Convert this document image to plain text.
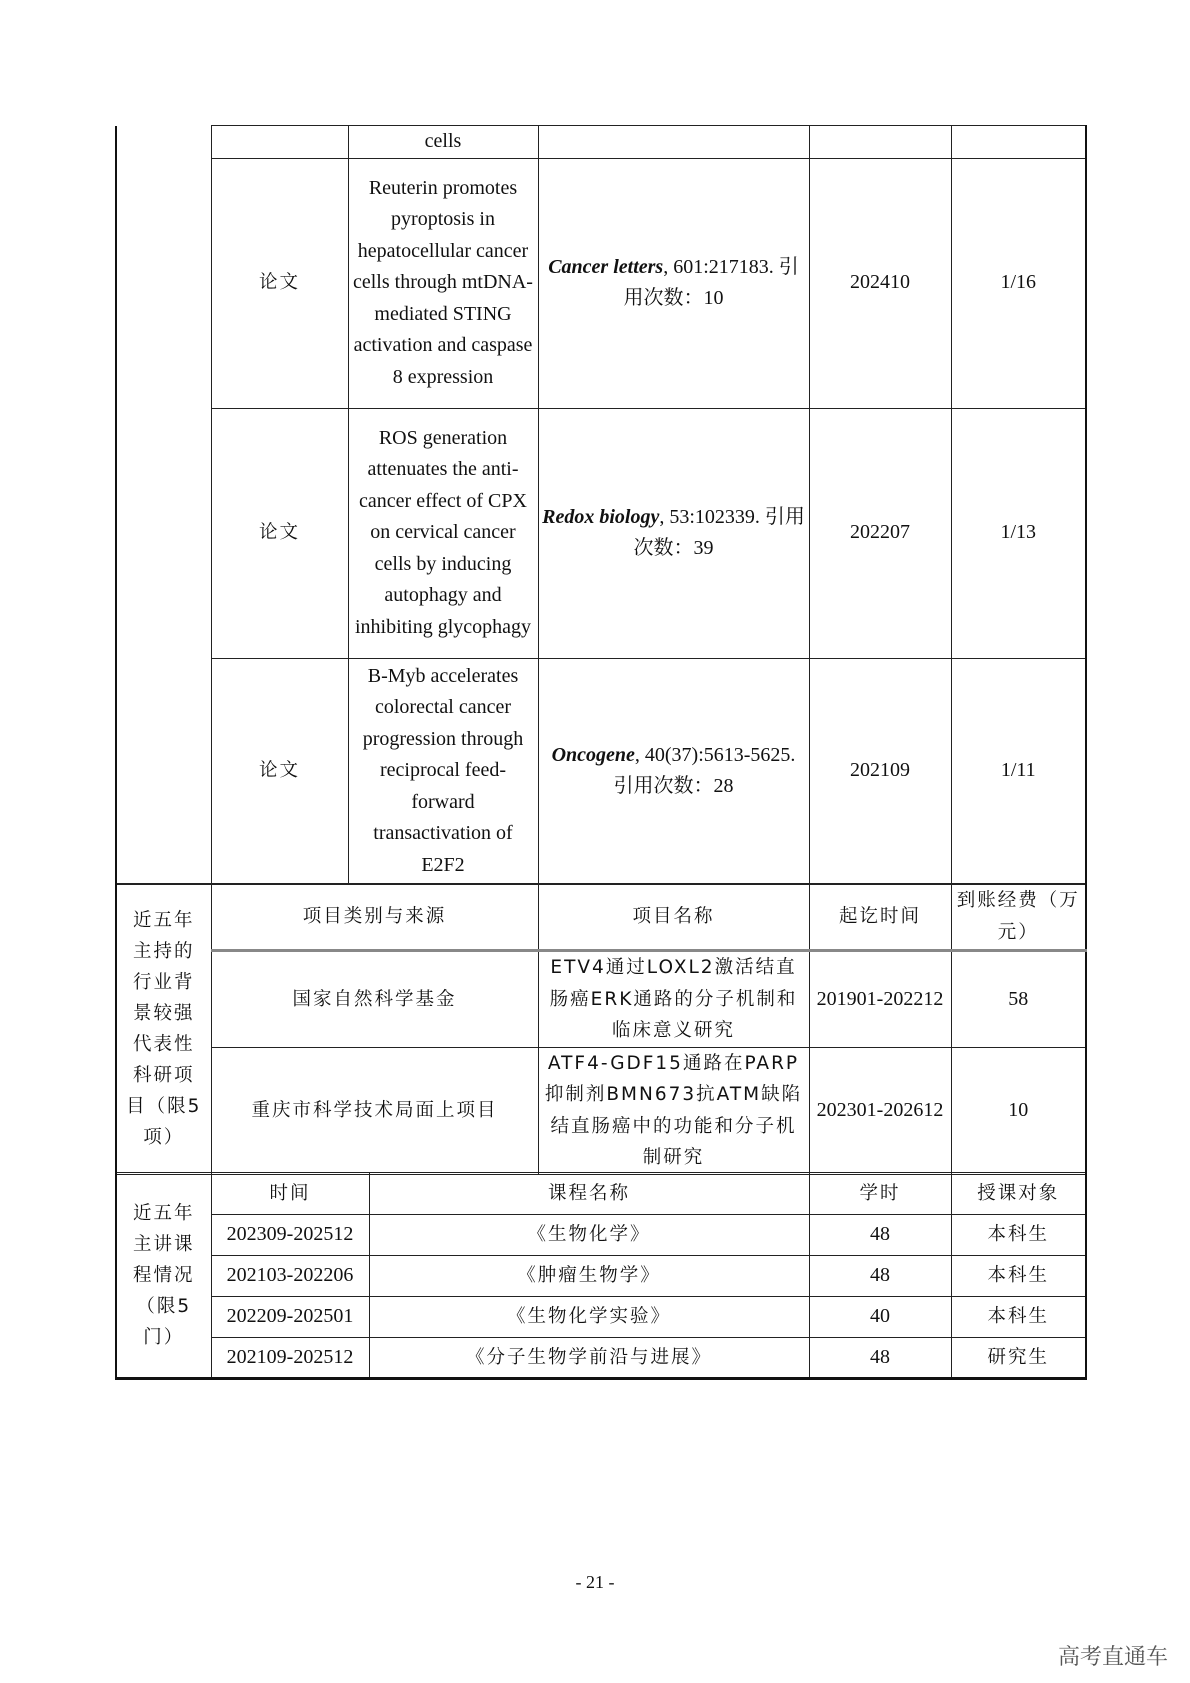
		cells			
	论文	Reuterin promotes pyroptosis in hepatocellular cancer cells through mtDNA-mediated STING activation and caspase 8 expression	Cancer letters, 601:217183. 引用次数：10	202410	1/16
	论文	ROS generation attenuates the anti-cancer effect of CPX on cervical cancer cells by inducing autophagy and inhibiting glycophagy	Redox biology, 53:102339. 引用次数：39	202207	1/13
	论文	B-Myb accelerates colorectal cancer progression through reciprocal feed-forward transactivation of E2F2	Oncogene, 40(37):5613-5625. 引用次数：28	202109	1/11
近五年主持的行业背景较强代表性科研项目（限5项）	项目类别与来源	项目名称	起讫时间	到账经费（万元）
	国家自然科学基金	ETV4通过LOXL2激活结直肠癌ERK通路的分子机制和临床意义研究	201901-202212	58
	重庆市科学技术局面上项目	ATF4-GDF15通路在PARP抑制剂BMN673抗ATM缺陷结直肠癌中的功能和分子机制研究	202301-202612	10
近五年主讲课程情况（限5门）	时间	课程名称	学时	授课对象
	202309-202512	《生物化学》	48	本科生
	202103-202206	《肿瘤生物学》	48	本科生
	202209-202501	《生物化学实验》	40	本科生
	202109-202512	《分子生物学前沿与进展》	48	研究生
- 21 -
高考直通车
